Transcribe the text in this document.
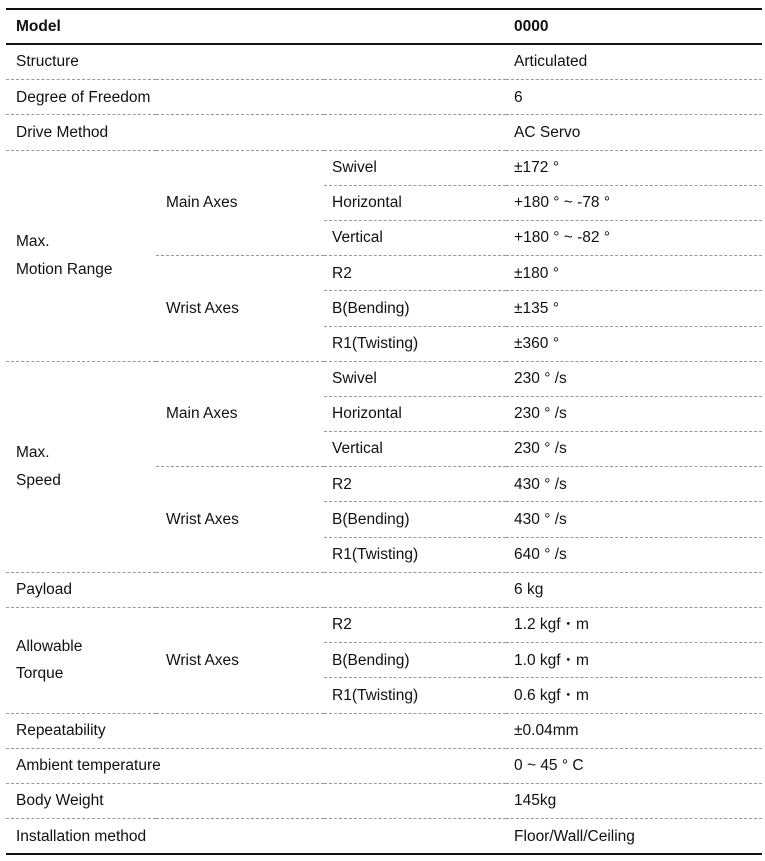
Model			0000
Structure			Articulated
Degree of Freedom			6
Drive Method			AC Servo

Max.
Motion Range	Main Axes	Swivel	±172 °
		Horizontal	+180 ° ~ -78 °
		Vertical	+180 ° ~ -82 °
	Wrist Axes	R2	±180 °
		B(Bending)	±135 °
		R1(Twisting)	±360 °

Max.
Speed	Main Axes	Swivel	230 ° /s
		Horizontal	230 ° /s
		Vertical	230 ° /s
	Wrist Axes	R2	430 ° /s
		B(Bending)	430 ° /s
		R1(Twisting)	640 ° /s
Payload			6 kg

Allowable
Torque	Wrist Axes	R2	1.2 kgf・m
		B(Bending)	1.0 kgf・m
		R1(Twisting)	0.6 kgf・m
Repeatability			±0.04mm
Ambient temperature			0 ~ 45 ° C
Body Weight			145kg
Installation method			Floor/Wall/Ceiling
